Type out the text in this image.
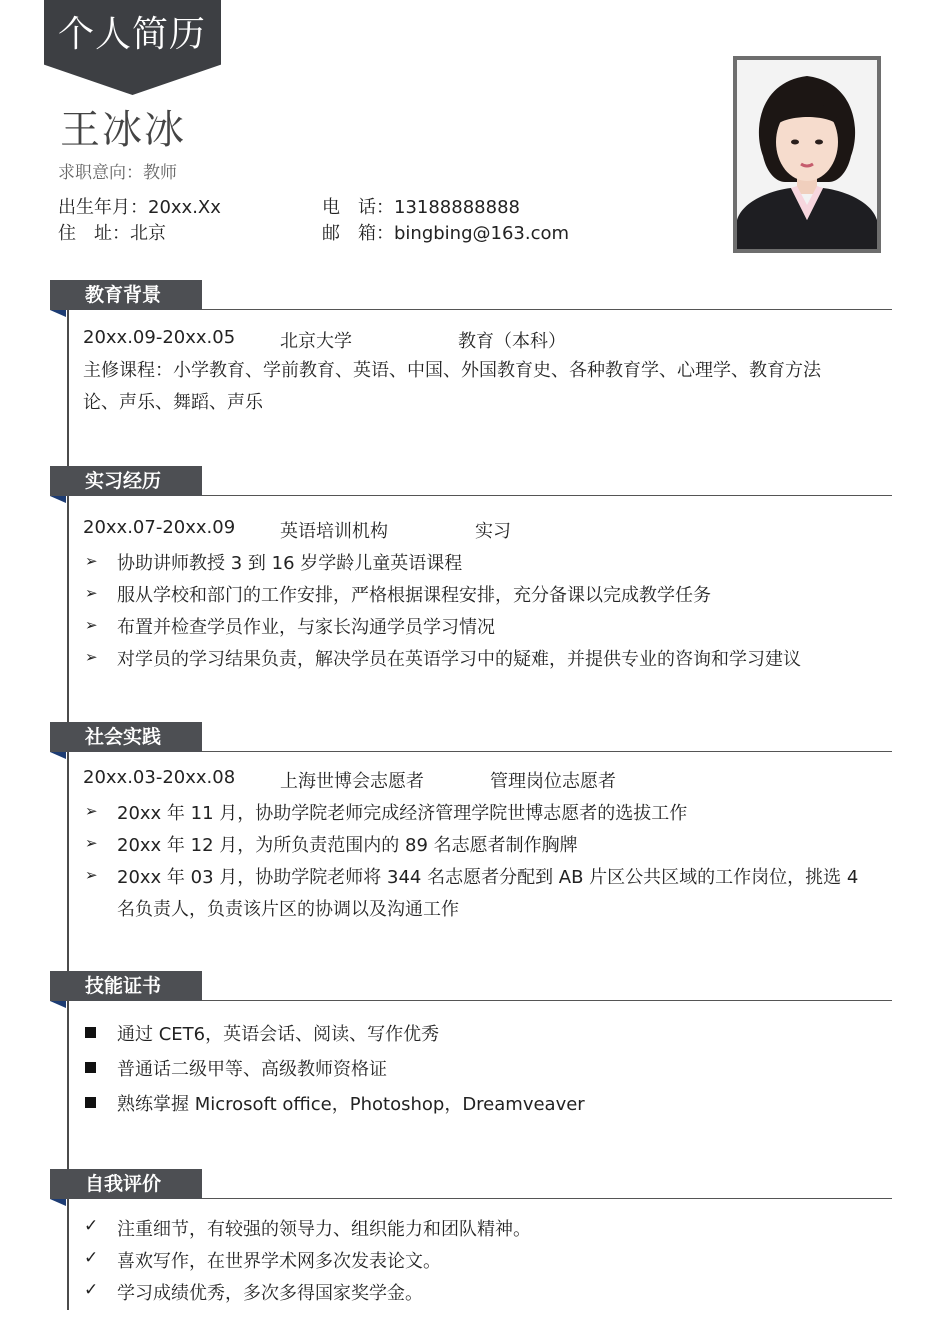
个人简历
王冰冰
求职意向：教师
出生年月：20xx.Xx	电　话：13188888888
住　址：北京	邮　箱：bingbing@163.com
教育背景
20xx.09-20xx.05 北京大学	教育（本科）
主修课程：小学教育、学前教育、英语、中国、外国教育史、各种教育学、心理学、教育方法
论、声乐、舞蹈、声乐
实习经历
20xx.07-20xx.09 英语培训机构	实习
➢ 协助讲师教授 3 到 16 岁学龄儿童英语课程
➢ 服从学校和部门的工作安排，严格根据课程安排，充分备课以完成教学任务
➢ 布置并检查学员作业，与家长沟通学员学习情况
➢ 对学员的学习结果负责，解决学员在英语学习中的疑难，并提供专业的咨询和学习建议
社会实践
20xx.03-20xx.08 上海世博会志愿者	管理岗位志愿者
➢ 20xx 年 11 月，协助学院老师完成经济管理学院世博志愿者的选拔工作
➢ 20xx 年 12 月，为所负责范围内的 89 名志愿者制作胸牌
➢ 20xx 年 03 月，协助学院老师将 344 名志愿者分配到 AB 片区公共区域的工作岗位，挑选 4
名负责人，负责该片区的协调以及沟通工作
技能证书
通过 CET6，英语会话、阅读、写作优秀
普通话二级甲等、高级教师资格证
熟练掌握 Microsoft office，Photoshop，Dreamveaver
自我评价
✓ 注重细节，有较强的领导力、组织能力和团队精神。
✓ 喜欢写作，在世界学术网多次发表论文。
✓ 学习成绩优秀，多次多得国家奖学金。
